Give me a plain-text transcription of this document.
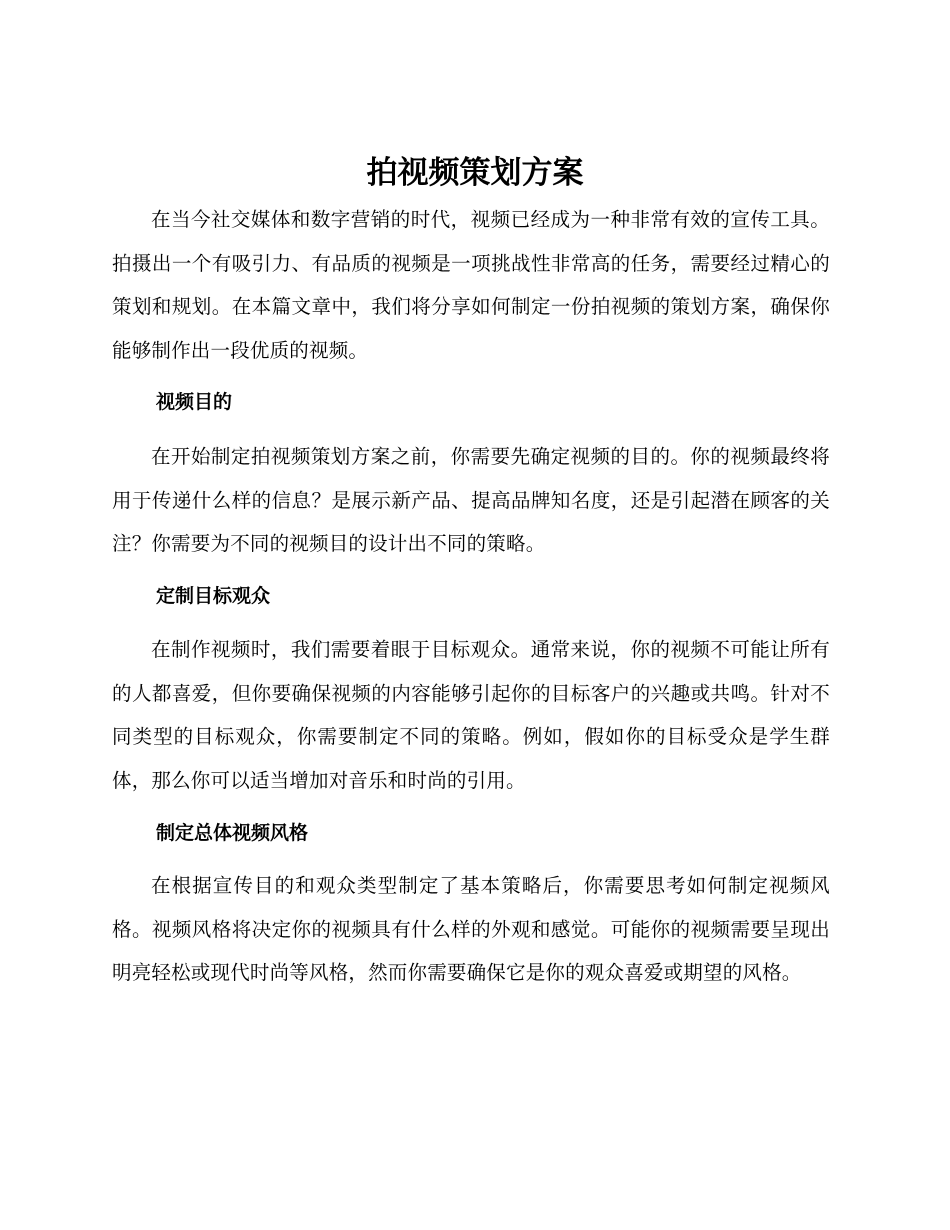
拍视频策划方案

在当今社交媒体和数字营销的时代，视频已经成为一种非常有效的宣传工具。拍摄出一个有吸引力、有品质的视频是一项挑战性非常高的任务，需要经过精心的策划和规划。在本篇文章中，我们将分享如何制定一份拍视频的策划方案，确保你能够制作出一段优质的视频。

视频目的

在开始制定拍视频策划方案之前，你需要先确定视频的目的。你的视频最终将用于传递什么样的信息？是展示新产品、提高品牌知名度，还是引起潜在顾客的关注？你需要为不同的视频目的设计出不同的策略。

定制目标观众

在制作视频时，我们需要着眼于目标观众。通常来说，你的视频不可能让所有的人都喜爱，但你要确保视频的内容能够引起你的目标客户的兴趣或共鸣。针对不同类型的目标观众，你需要制定不同的策略。例如，假如你的目标受众是学生群体，那么你可以适当增加对音乐和时尚的引用。

制定总体视频风格

在根据宣传目的和观众类型制定了基本策略后，你需要思考如何制定视频风格。视频风格将决定你的视频具有什么样的外观和感觉。可能你的视频需要呈现出明亮轻松或现代时尚等风格，然而你需要确保它是你的观众喜爱或期望的风格。
